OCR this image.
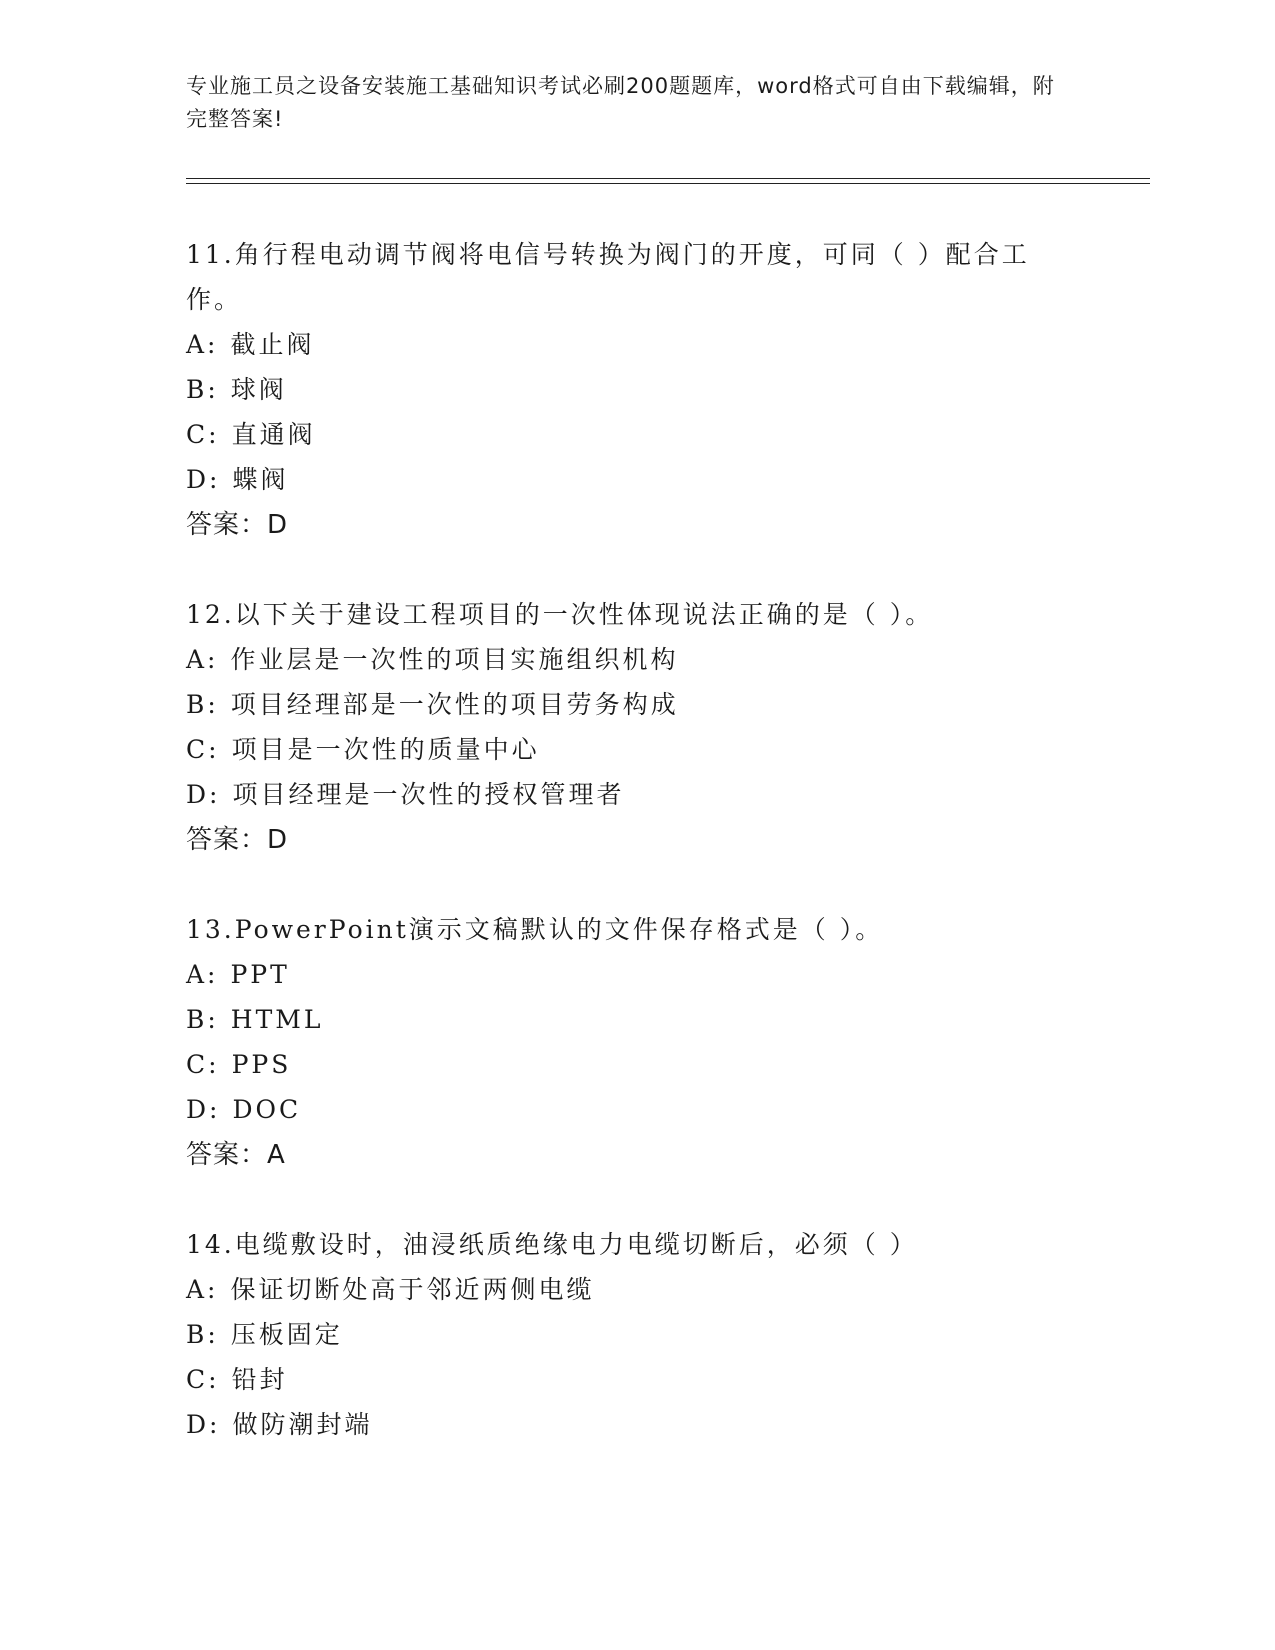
专业施工员之设备安装施工基础知识考试必刷200题题库，word格式可自由下载编辑，附完整答案!
11.角行程电动调节阀将电信号转换为阀门的开度，可同（ ）配合工作。
A: 截止阀
B: 球阀
C: 直通阀
D: 蝶阀
答案：D
12.以下关于建设工程项目的一次性体现说法正确的是（ ）。
A: 作业层是一次性的项目实施组织机构
B: 项目经理部是一次性的项目劳务构成
C: 项目是一次性的质量中心
D: 项目经理是一次性的授权管理者
答案：D
13.PowerPoint演示文稿默认的文件保存格式是（ ）。
A: PPT
B: HTML
C: PPS
D: DOC
答案：A
14.电缆敷设时，油浸纸质绝缘电力电缆切断后，必须（ ）
A: 保证切断处高于邻近两侧电缆
B: 压板固定
C: 铅封
D: 做防潮封端
